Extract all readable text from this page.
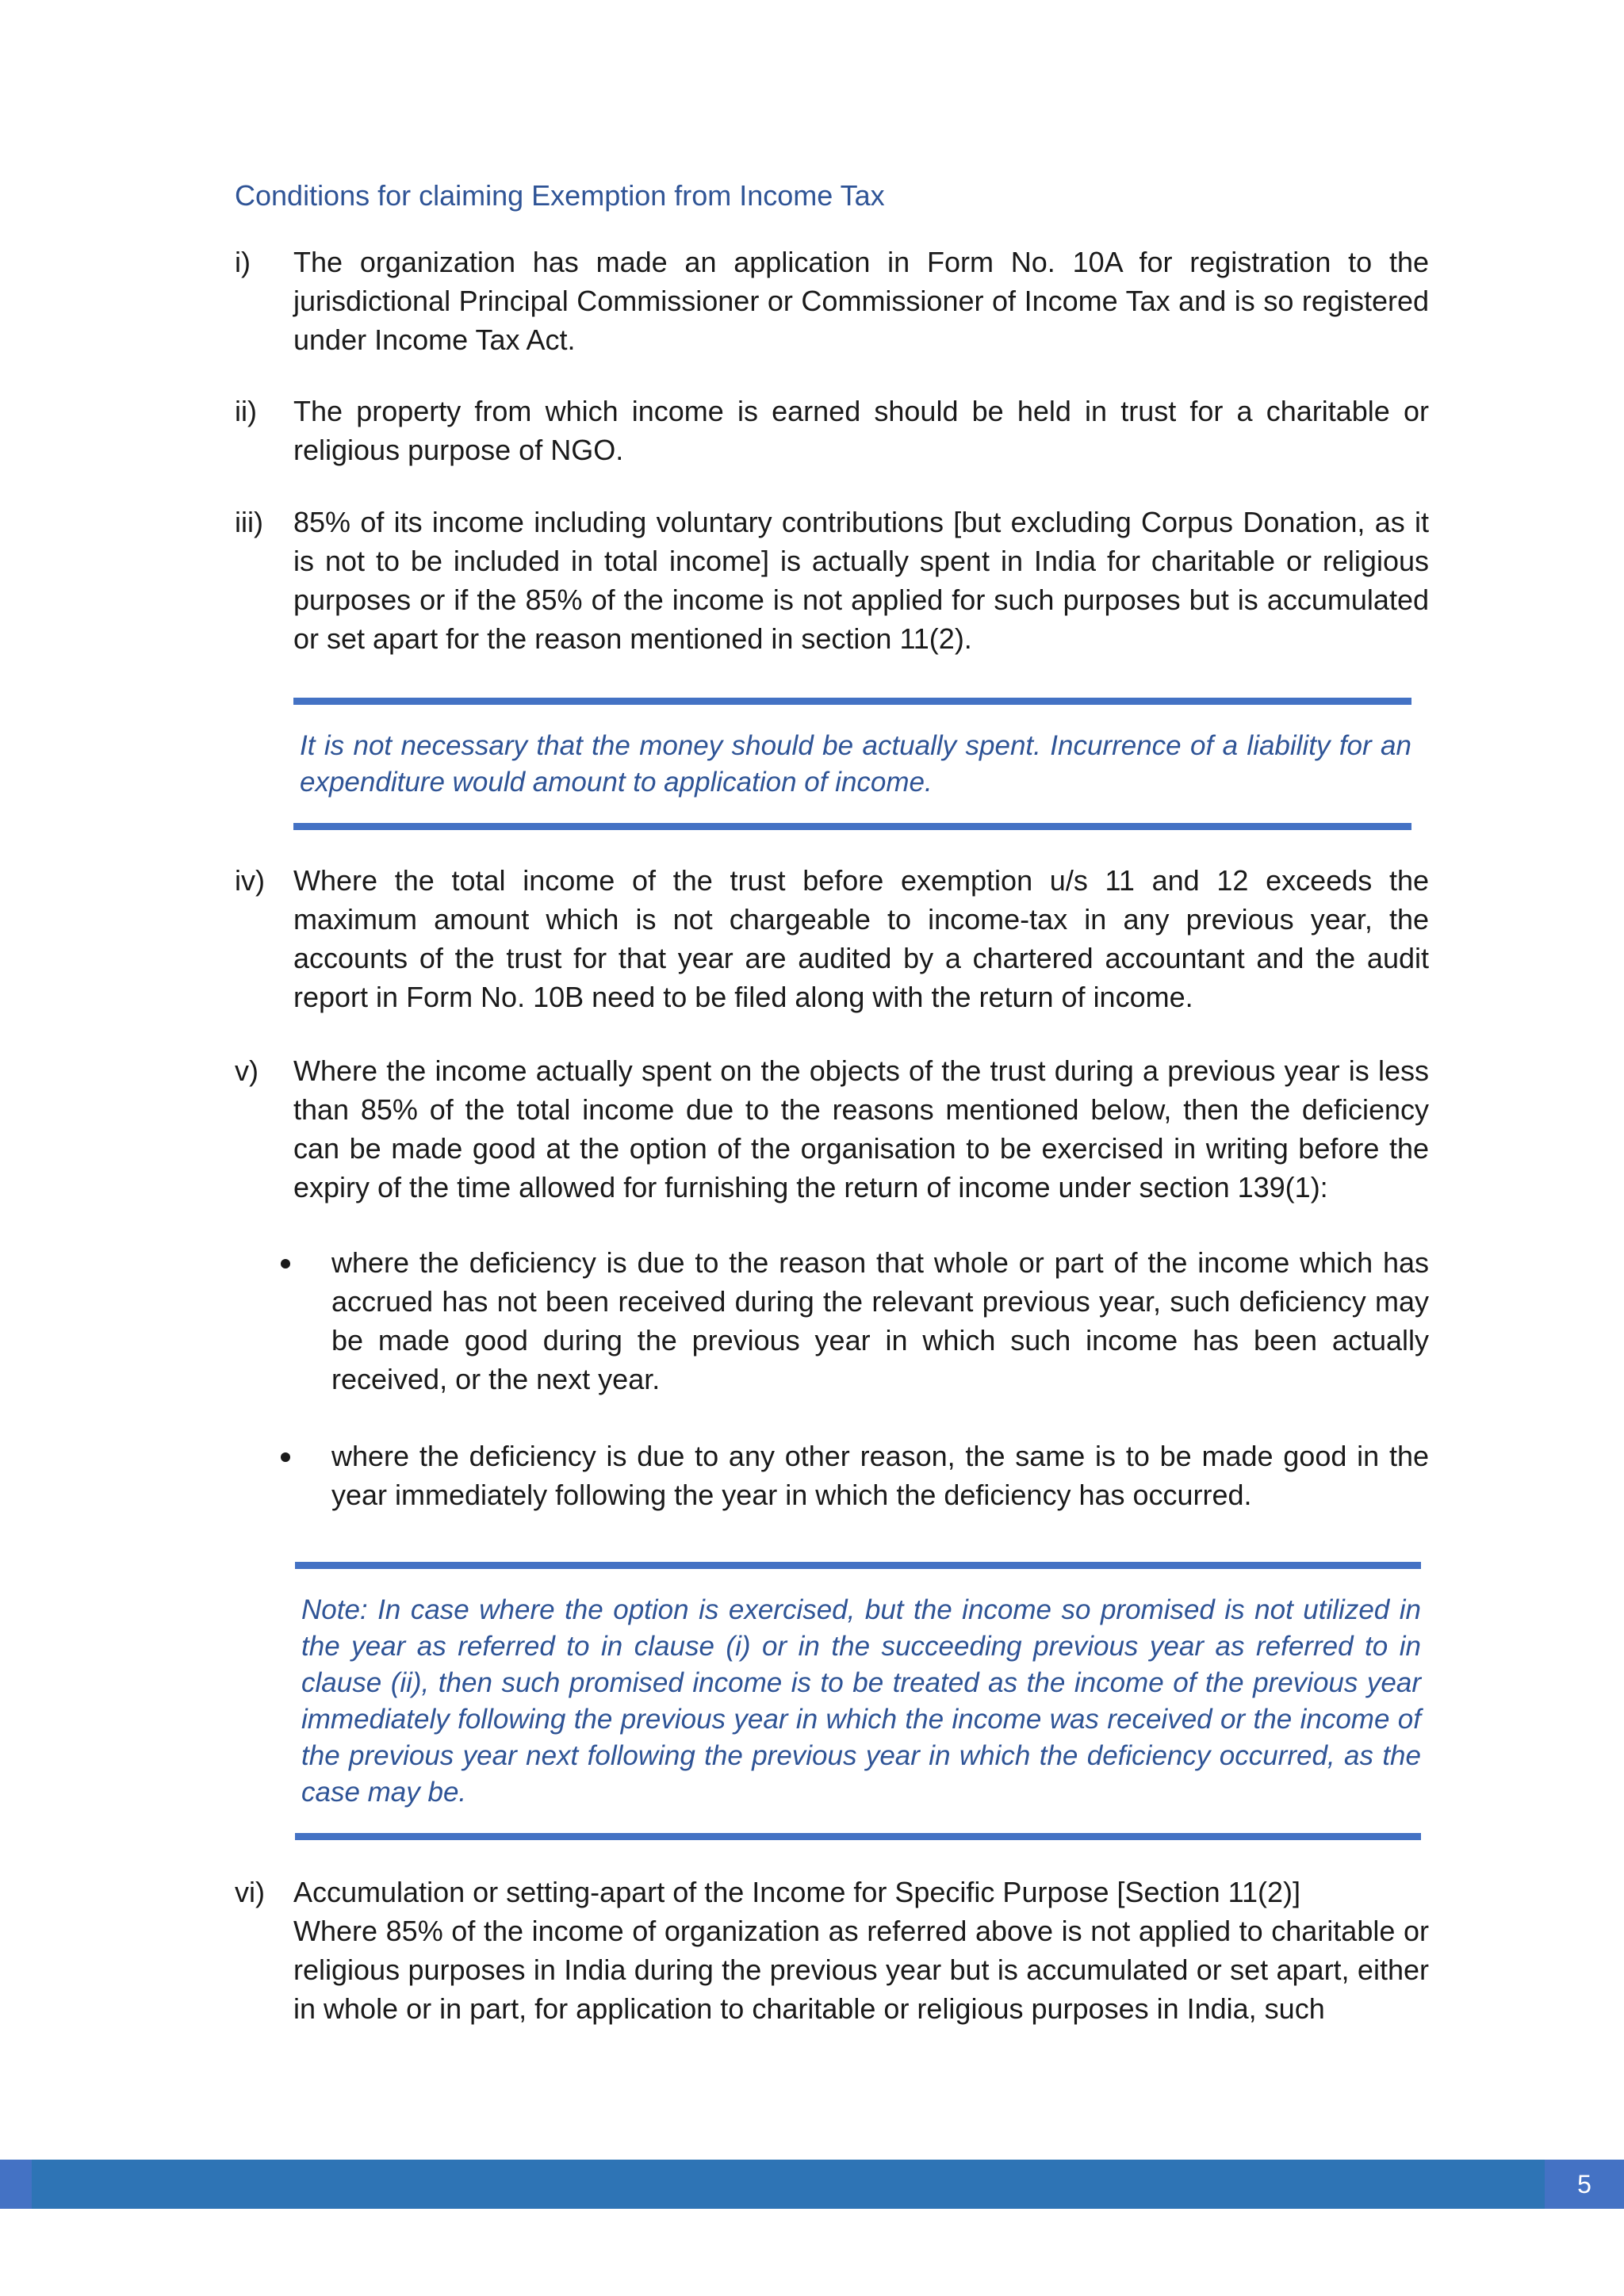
Conditions for claiming Exemption from Income Tax
i)	The organization has made an application in Form No. 10A for registration to the jurisdictional Principal Commissioner or Commissioner of Income Tax and is so registered under Income Tax Act.
ii)	The property from which income is earned should be held in trust for a charitable or religious purpose of NGO.
iii)	85% of its income including voluntary contributions [but excluding Corpus Donation, as it is not to be included in total income] is actually spent in India for charitable or religious purposes or if the 85% of the income is not applied for such purposes but is accumulated or set apart for the reason mentioned in section 11(2).
It is not necessary that the money should be actually spent. Incurrence of a liability for an expenditure would amount to application of income.
iv)	Where the total income of the trust before exemption u/s 11 and 12 exceeds the maximum amount which is not chargeable to income-tax in any previous year, the accounts of the trust for that year are audited by a chartered accountant and the audit report in Form No. 10B need to be filed along with the return of income.
v)	Where the income actually spent on the objects of the trust during a previous year is less than 85% of the total income due to the reasons mentioned below, then the deficiency can be made good at the option of the organisation to be exercised in writing before the expiry of the time allowed for furnishing the return of income under section 139(1):
where the deficiency is due to the reason that whole or part of the income which has accrued has not been received during the relevant previous year, such deficiency may be made good during the previous year in which such income has been actually received, or the next year.
where the deficiency is due to any other reason, the same is to be made good in the year immediately following the year in which the deficiency has occurred.
Note: In case where the option is exercised, but the income so promised is not utilized in the year as referred to in clause (i) or in the succeeding previous year as referred to in clause (ii), then such promised income is to be treated as the income of the previous year immediately following the previous year in which the income was received or the income of the previous year next following the previous year in which the deficiency occurred, as the case may be.
vi)	Accumulation or setting-apart of the Income for Specific Purpose [Section 11(2)]
Where 85% of the income of organization as referred above is not applied to charitable or religious purposes in India during the previous year but is accumulated or set apart, either in whole or in part, for application to charitable or religious purposes in India, such
5
